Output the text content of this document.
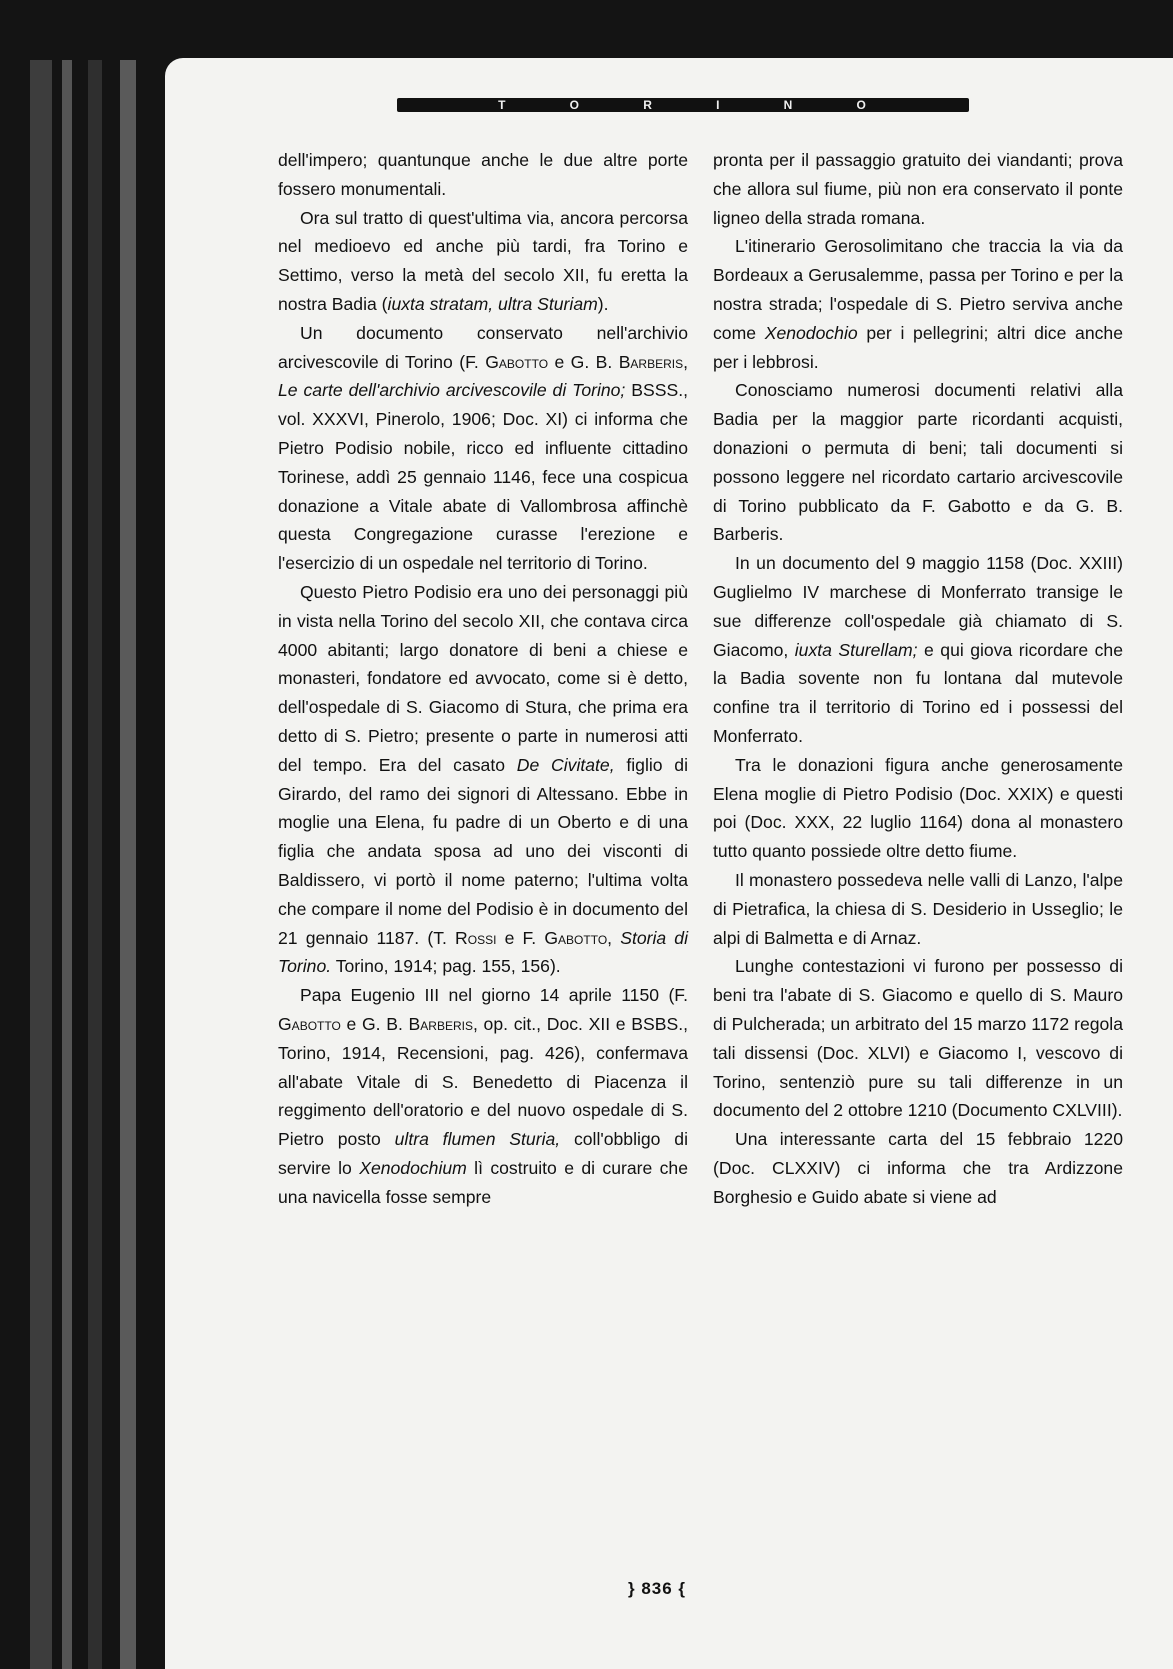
T	O	R	I	N	O

dell'impero; quantunque anche le due altre porte fossero monumentali.

Ora sul tratto di quest'ultima via, ancora percorsa nel medioevo ed anche più tardi, fra Torino e Settimo, verso la metà del secolo XII, fu eretta la nostra Badia (iuxta stratam, ultra Sturiam).

Un documento conservato nell'archivio arcivescovile di Torino (F. Gabotto e G. B. Barberis, Le carte dell'archivio arcivescovile di Torino; BSSS., vol. XXXVI, Pinerolo, 1906; Doc. XI) ci informa che Pietro Podisio nobile, ricco ed influente cittadino Torinese, addì 25 gennaio 1146, fece una cospicua donazione a Vitale abate di Vallombrosa affinchè questa Congregazione curasse l'erezione e l'esercizio di un ospedale nel territorio di Torino.

Questo Pietro Podisio era uno dei personaggi più in vista nella Torino del secolo XII, che contava circa 4000 abitanti; largo donatore di beni a chiese e monasteri, fondatore ed avvocato, come si è detto, dell'ospedale di S. Giacomo di Stura, che prima era detto di S. Pietro; presente o parte in numerosi atti del tempo. Era del casato De Civitate, figlio di Girardo, del ramo dei signori di Altessano. Ebbe in moglie una Elena, fu padre di un Oberto e di una figlia che andata sposa ad uno dei visconti di Baldissero, vi portò il nome paterno; l'ultima volta che compare il nome del Podisio è in documento del 21 gennaio 1187. (T. Rossi e F. Gabotto, Storia di Torino. Torino, 1914; pag. 155, 156).

Papa Eugenio III nel giorno 14 aprile 1150 (F. Gabotto e G. B. Barberis, op. cit., Doc. XII e BSBS., Torino, 1914, Recensioni, pag. 426), confermava all'abate Vitale di S. Benedetto di Piacenza il reggimento dell'oratorio e del nuovo ospedale di S. Pietro posto ultra flumen Sturia, coll'obbligo di servire lo Xenodochium lì costruito e di curare che una navicella fosse sempre

pronta per il passaggio gratuito dei viandanti; prova che allora sul fiume, più non era conservato il ponte ligneo della strada romana.

L'itinerario Gerosolimitano che traccia la via da Bordeaux a Gerusalemme, passa per Torino e per la nostra strada; l'ospedale di S. Pietro serviva anche come Xenodochio per i pellegrini; altri dice anche per i lebbrosi.

Conosciamo numerosi documenti relativi alla Badia per la maggior parte ricordanti acquisti, donazioni o permuta di beni; tali documenti si possono leggere nel ricordato cartario arcivescovile di Torino pubblicato da F. Gabotto e da G. B. Barberis.

In un documento del 9 maggio 1158 (Doc. XXIII) Guglielmo IV marchese di Monferrato transige le sue differenze coll'ospedale già chiamato di S. Giacomo, iuxta Sturellam; e qui giova ricordare che la Badia sovente non fu lontana dal mutevole confine tra il territorio di Torino ed i possessi del Monferrato.

Tra le donazioni figura anche generosamente Elena moglie di Pietro Podisio (Doc. XXIX) e questi poi (Doc. XXX, 22 luglio 1164) dona al monastero tutto quanto possiede oltre detto fiume.

Il monastero possedeva nelle valli di Lanzo, l'alpe di Pietrafica, la chiesa di S. Desiderio in Usseglio; le alpi di Balmetta e di Arnaz.

Lunghe contestazioni vi furono per possesso di beni tra l'abate di S. Giacomo e quello di S. Mauro di Pulcherada; un arbitrato del 15 marzo 1172 regola tali dissensi (Doc. XLVI) e Giacomo I, vescovo di Torino, sentenziò pure su tali differenze in un documento del 2 ottobre 1210 (Documento CXLVIII).

Una interessante carta del 15 febbraio 1220 (Doc. CLXXIV) ci informa che tra Ardizzone Borghesio e Guido abate si viene ad

} 836 {
